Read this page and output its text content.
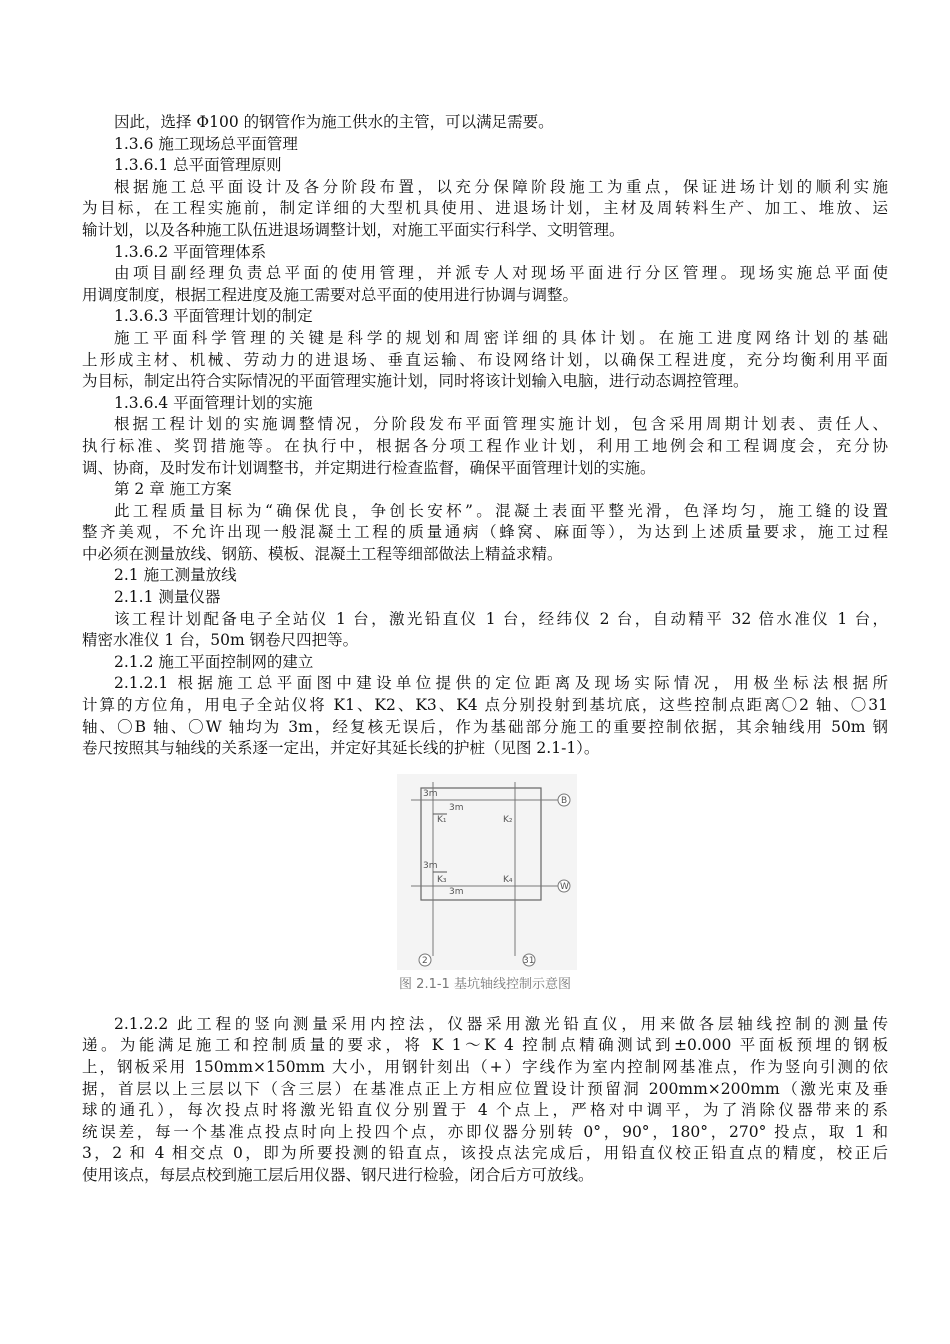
因此，选择 Φ100 的钢管作为施工供水的主管，可以满足需要。

1.3.6 施工现场总平面管理

1.3.6.1 总平面管理原则

根据施工总平面设计及各分阶段布置，以充分保障阶段施工为重点，保证进场计划的顺利实施

为目标，在工程实施前，制定详细的大型机具使用、进退场计划，主材及周转料生产、加工、堆放、运

输计划，以及各种施工队伍进退场调整计划，对施工平面实行科学、文明管理。

1.3.6.2 平面管理体系

由项目副经理负责总平面的使用管理，并派专人对现场平面进行分区管理。现场实施总平面使

用调度制度，根据工程进度及施工需要对总平面的使用进行协调与调整。

1.3.6.3 平面管理计划的制定

施工平面科学管理的关键是科学的规划和周密详细的具体计划。在施工进度网络计划的基础

上形成主材、机械、劳动力的进退场、垂直运输、布设网络计划，以确保工程进度，充分均衡利用平面

为目标，制定出符合实际情况的平面管理实施计划，同时将该计划输入电脑，进行动态调控管理。

1.3.6.4 平面管理计划的实施

根据工程计划的实施调整情况，分阶段发布平面管理实施计划，包含采用周期计划表、责任人、

执行标准、奖罚措施等。在执行中，根据各分项工程作业计划，利用工地例会和工程调度会，充分协

调、协商，及时发布计划调整书，并定期进行检查监督，确保平面管理计划的实施。

第 2 章 施工方案

此工程质量目标为“确保优良，争创长安杯”。混凝土表面平整光滑，色泽均匀，施工缝的设置

整齐美观，不允许出现一般混凝土工程的质量通病（蜂窝、麻面等），为达到上述质量要求，施工过程

中必须在测量放线、钢筋、模板、混凝土工程等细部做法上精益求精。

2.1 施工测量放线

2.1.1 测量仪器

该工程计划配备电子全站仪 1 台，激光铅直仪 1 台，经纬仪 2 台，自动精平 32 倍水准仪 1 台，

精密水准仪 1 台，50m 钢卷尺四把等。

2.1.2 施工平面控制网的建立

2.1.2.1 根据施工总平面图中建设单位提供的定位距离及现场实际情况，用极坐标法根据所

计算的方位角，用电子全站仪将 K1、K2、K3、K4 点分别投射到基坑底，这些控制点距离〇2 轴、〇31

轴、〇B 轴、〇W 轴均为 3m，经复核无误后，作为基础部分施工的重要控制依据，其余轴线用 50m 钢

卷尺按照其与轴线的关系逐一定出，并定好其延长线的护桩（见图 2.1-1）。

K₁	K₂
K₃	K₄
3m
3m
3m
3m
B
W
2	31
图 2.1-1 基坑轴线控制示意图

2.1.2.2 此工程的竖向测量采用内控法，仪器采用激光铅直仪，用来做各层轴线控制的测量传

递。为能满足施工和控制质量的要求，将 K 1～K 4 控制点精确测试到±0.000 平面板预埋的钢板

上，钢板采用 150mm×150mm 大小，用钢针刻出（+）字线作为室内控制网基准点，作为竖向引测的依

据，首层以上三层以下（含三层）在基准点正上方相应位置设计预留洞 200mm×200mm（激光束及垂

球的通孔），每次投点时将激光铅直仪分别置于 4 个点上，严格对中调平，为了消除仪器带来的系

统误差，每一个基准点投点时向上投四个点，亦即仪器分别转 0°，90°，180°，270° 投点，取 1 和

3，2 和 4 相交点 0，即为所要投测的铅直点，该投点法完成后，用铅直仪校正铅直点的精度，校正后

使用该点，每层点校到施工层后用仪器、钢尺进行检验，闭合后方可放线。
